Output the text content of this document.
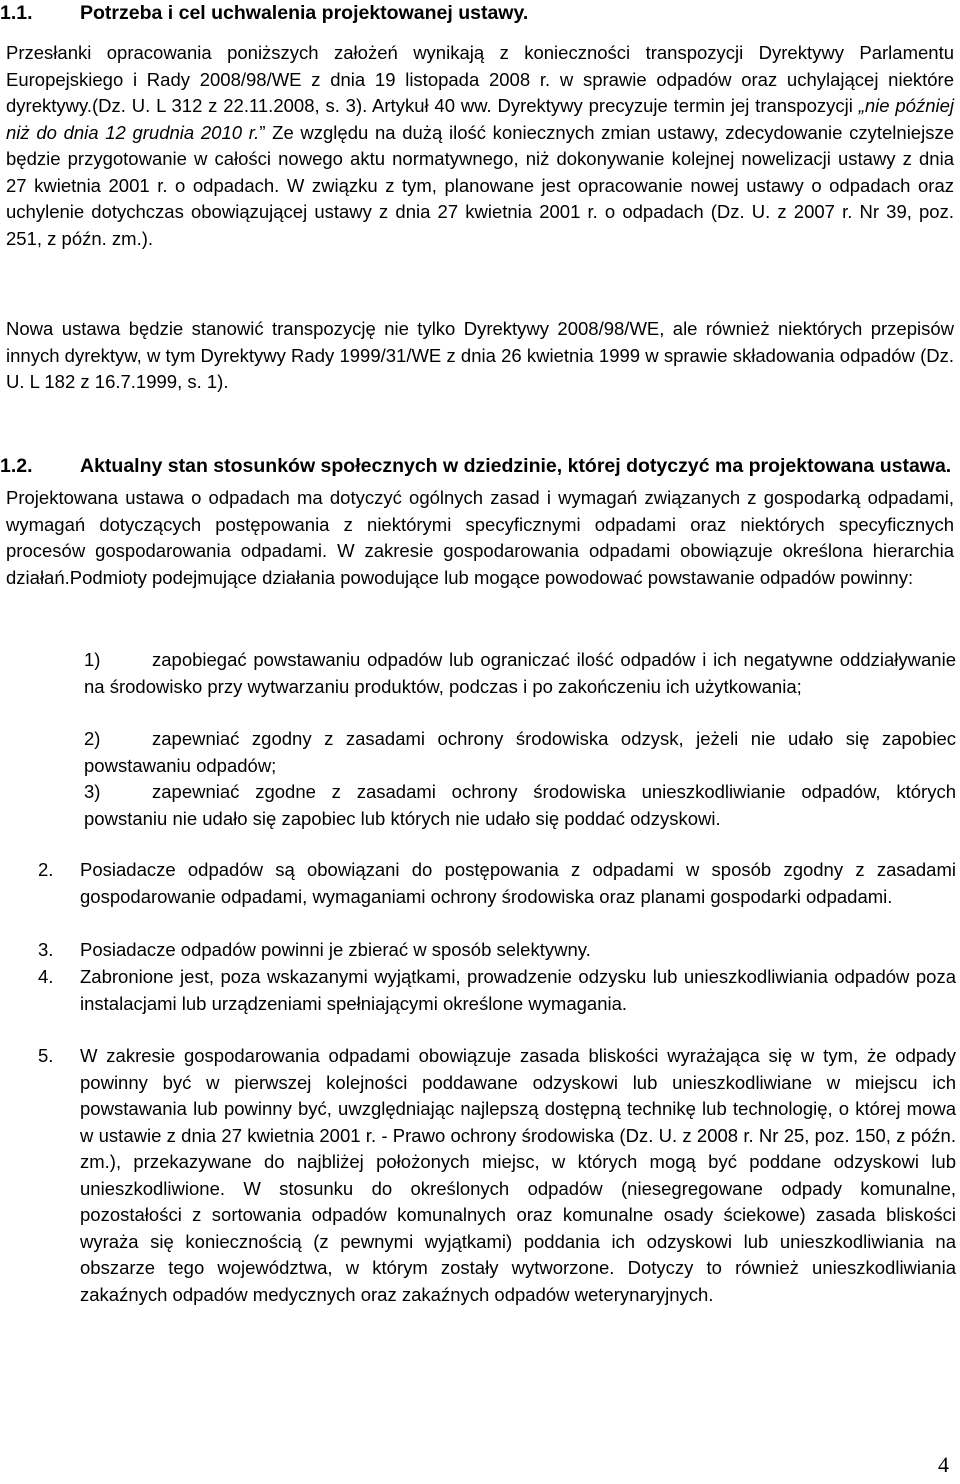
1.1. Potrzeba i cel uchwalenia projektowanej ustawy.
Przesłanki opracowania poniższych założeń wynikają z konieczności transpozycji Dyrektywy Parlamentu Europejskiego i Rady 2008/98/WE z dnia 19 listopada 2008 r. w sprawie odpadów oraz uchylającej niektóre dyrektywy.(Dz. U. L 312 z 22.11.2008, s. 3). Artykuł 40 ww. Dyrektywy precyzuje termin jej transpozycji „nie później niż do dnia 12 grudnia 2010 r.” Ze względu na dużą ilość koniecznych zmian ustawy, zdecydowanie czytelniejsze będzie przygotowanie w całości nowego aktu normatywnego, niż dokonywanie kolejnej nowelizacji ustawy z dnia 27 kwietnia 2001 r. o odpadach. W związku z tym, planowane jest opracowanie nowej ustawy o odpadach oraz uchylenie dotychczas obowiązującej ustawy z dnia 27 kwietnia 2001 r. o odpadach (Dz. U. z 2007 r. Nr 39, poz. 251, z późn. zm.).
Nowa ustawa będzie stanowić transpozycję nie tylko Dyrektywy 2008/98/WE, ale również niektórych przepisów innych dyrektyw, w tym Dyrektywy Rady 1999/31/WE z dnia 26 kwietnia 1999 w sprawie składowania odpadów (Dz. U. L 182 z 16.7.1999, s. 1).
1.2. Aktualny stan stosunków społecznych w dziedzinie, której dotyczyć ma projektowana ustawa.
Projektowana ustawa o odpadach ma dotyczyć ogólnych zasad i wymagań związanych z gospodarką odpadami, wymagań dotyczących postępowania z niektórymi specyficznymi odpadami oraz niektórych specyficznych procesów gospodarowania odpadami. W zakresie gospodarowania odpadami obowiązuje określona hierarchia działań.Podmioty podejmujące działania powodujące lub mogące powodować powstawanie odpadów powinny:
1)	zapobiegać powstawaniu odpadów lub ograniczać ilość odpadów i ich negatywne oddziaływanie na środowisko przy wytwarzaniu produktów, podczas i po zakończeniu ich użytkowania;
2)	zapewniać zgodny z zasadami ochrony środowiska odzysk, jeżeli nie udało się zapobiec powstawaniu odpadów;
3)	zapewniać zgodne z zasadami ochrony środowiska unieszkodliwianie odpadów, których powstaniu nie udało się zapobiec lub których nie udało się poddać odzyskowi.
2. Posiadacze odpadów są obowiązani do postępowania z odpadami w sposób zgodny z zasadami gospodarowanie odpadami, wymaganiami ochrony środowiska oraz planami gospodarki odpadami.
3. Posiadacze odpadów powinni je zbierać w sposób selektywny.
4. Zabronione jest, poza wskazanymi wyjątkami, prowadzenie odzysku lub unieszkodliwiania odpadów poza instalacjami lub urządzeniami spełniającymi określone wymagania.
5. W zakresie gospodarowania odpadami obowiązuje zasada bliskości wyrażająca się w tym, że odpady powinny być w pierwszej kolejności poddawane odzyskowi lub unieszkodliwiane w miejscu ich powstawania lub powinny być, uwzględniając najlepszą dostępną technikę lub technologię, o której mowa w ustawie z dnia 27 kwietnia 2001 r. - Prawo ochrony środowiska (Dz. U. z 2008 r. Nr 25, poz. 150, z późn. zm.), przekazywane do najbliżej położonych miejsc, w których mogą być poddane odzyskowi lub unieszkodliwione. W stosunku do określonych odpadów (niesegregowane odpady komunalne, pozostałości z sortowania odpadów komunalnych oraz komunalne osady ściekowe) zasada bliskości wyraża się koniecznością (z pewnymi wyjątkami) poddania ich odzyskowi lub unieszkodliwiania na obszarze tego województwa, w którym zostały wytworzone. Dotyczy to również unieszkodliwiania zakaźnych odpadów medycznych oraz zakaźnych odpadów weterynaryjnych.
4
